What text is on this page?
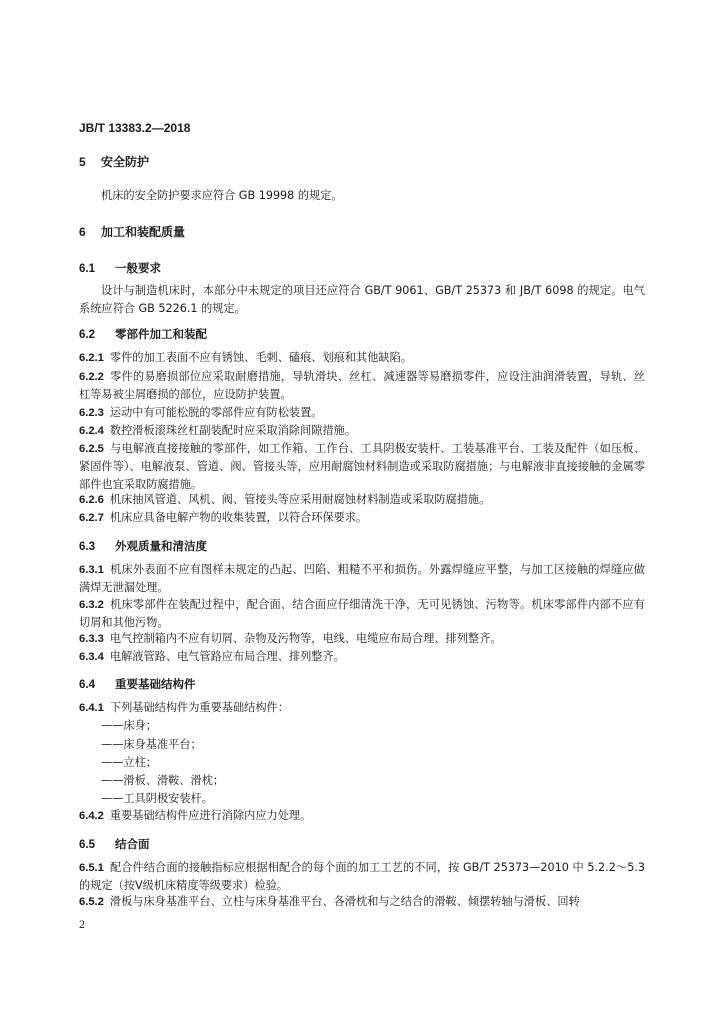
JB/T 13383.2—2018
5 安全防护
机床的安全防护要求应符合 GB 19998 的规定。
6 加工和装配质量
6.1 一般要求
设计与制造机床时，本部分中未规定的项目还应符合 GB/T 9061、GB/T 25373 和 JB/T 6098 的规定。电气系统应符合 GB 5226.1 的规定。
6.2 零部件加工和装配
6.2.1 零件的加工表面不应有锈蚀、毛刺、磕痕、划痕和其他缺陷。
6.2.2 零件的易磨损部位应采取耐磨措施，导轨滑块、丝杠、减速器等易磨损零件，应设注油润滑装置，导轨、丝杠等易被尘屑磨损的部位，应设防护装置。
6.2.3 运动中有可能松脱的零部件应有防松装置。
6.2.4 数控滑板滚珠丝杠副装配时应采取消除间隙措施。
6.2.5 与电解液直接接触的零部件，如工作箱、工作台、工具阴极安装杆、工装基准平台、工装及配件（如压板、紧固件等）、电解液泵、管道、阀、管接头等，应用耐腐蚀材料制造或采取防腐措施；与电解液非直接接触的金属零部件也宜采取防腐措施。
6.2.6 机床抽风管道、风机、阀、管接头等应采用耐腐蚀材料制造或采取防腐措施。
6.2.7 机床应具备电解产物的收集装置，以符合环保要求。
6.3 外观质量和清洁度
6.3.1 机床外表面不应有图样未规定的凸起、凹陷、粗糙不平和损伤。外露焊缝应平整，与加工区接触的焊缝应做满焊无泄漏处理。
6.3.2 机床零部件在装配过程中，配合面、结合面应仔细清洗干净，无可见锈蚀、污物等。机床零部件内部不应有切屑和其他污物。
6.3.3 电气控制箱内不应有切屑、杂物及污物等，电线、电缆应布局合理、排列整齐。
6.3.4 电解液管路、电气管路应布局合理、排列整齐。
6.4 重要基础结构件
6.4.1 下列基础结构件为重要基础结构件：
——床身；
——床身基准平台；
——立柱；
——滑板、滑鞍、滑枕；
——工具阴极安装杆。
6.4.2 重要基础结构件应进行消除内应力处理。
6.5 结合面
6.5.1 配合件结合面的接触指标应根据相配合的每个面的加工工艺的不同，按 GB/T 25373—2010 中 5.2.2～5.3 的规定（按Ⅴ级机床精度等级要求）检验。
6.5.2 滑板与床身基准平台、立柱与床身基准平台、各滑枕和与之结合的滑鞍、倾摆转轴与滑板、回转
2
